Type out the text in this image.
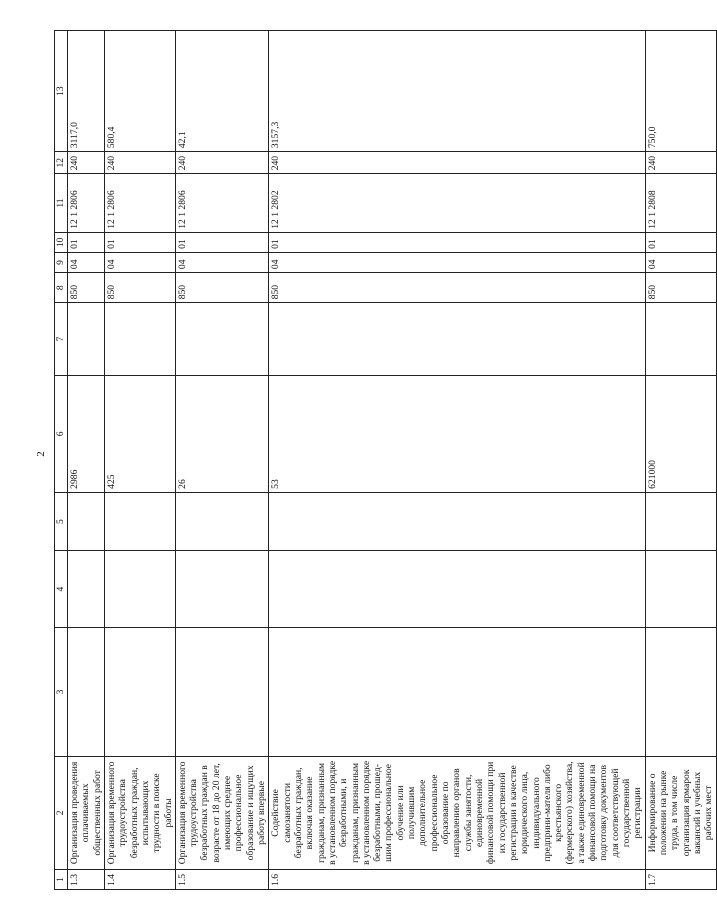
2
1	2	3	4	5	6	7	8	9	10	11	12	13
1.3	Организация проведения оплачиваемых общественных работ				2986		850	04	01	12 1 2806	240	3117,0
1.4	Организация временного трудоустройства безработных граждан, испытывающих трудности в поиске работы				425		850	04	01	12 1 2806	240	580,4
1.5	Организация временного трудоустройства безработных граждан в возрасте от 18 до 20 лет, имеющих среднее профессиональное образование и ищущих работу впервые				26		850	04	01	12 1 2806	240	42,1
1.6	Содействие самозанятости безработных граждан, включая оказание гражданам, признанным в установленном порядке безработными, и гражданам, признанным в установленном порядке безработными, прошед-шим профессиональное обучение или получившим дополнительное профессиональное образование по направлению органов службы занятости, единовременной финансовой помощи при их государственной регистрации в качестве юридического лица, индивидуального предприни-мателя либо крестьянского (фермерского) хозяйства, а также единовременной финансовой помощи на подготовку документов для соответствующей государственной регистрации				53		850	04	01	12 1 2802	240	3157,3
1.7	Информирование о положении на рынке труда, в том числе организация ярмарок вакансий и учебных рабочих мест				621000		850	04	01	12 1 2808	240	750,0
